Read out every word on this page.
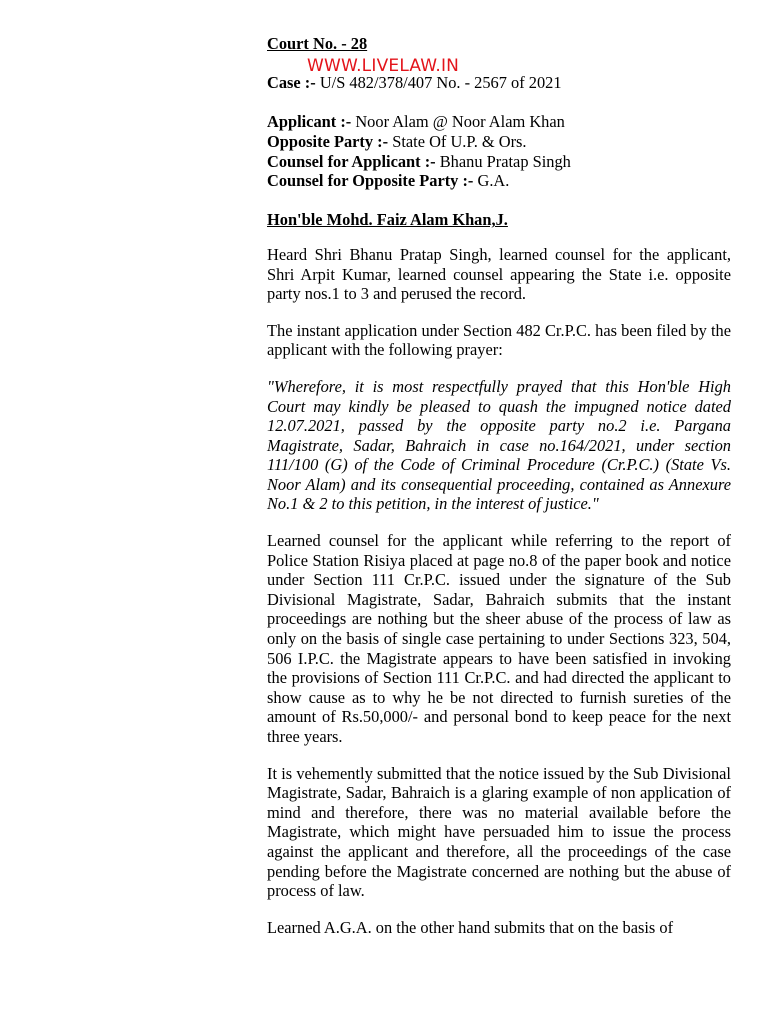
WWW.LIVELAW.IN

Court No. - 28

Case :- U/S 482/378/407 No. - 2567 of 2021

Applicant :- Noor Alam @ Noor Alam Khan

Opposite Party :- State Of U.P. & Ors.

Counsel for Applicant :- Bhanu Pratap Singh

Counsel for Opposite Party :- G.A.

Hon'ble Mohd. Faiz Alam Khan,J.

Heard Shri Bhanu Pratap Singh, learned counsel for the applicant, Shri Arpit Kumar, learned counsel appearing the State i.e. opposite party nos.1 to 3 and perused the record.

The instant application under Section 482 Cr.P.C. has been filed by the applicant with the following prayer:

"Wherefore, it is most respectfully prayed that this Hon'ble High Court may kindly be pleased to quash the impugned notice dated 12.07.2021, passed by the opposite party no.2 i.e. Pargana Magistrate, Sadar, Bahraich in case no.164/2021, under section 111/100 (G) of the Code of Criminal Procedure (Cr.P.C.) (State Vs. Noor Alam) and its consequential proceeding, contained as Annexure No.1 & 2 to this petition, in the interest of justice."

Learned counsel for the applicant while referring to the report of Police Station Risiya placed at page no.8 of the paper book and notice under Section 111 Cr.P.C. issued under the signature of the Sub Divisional Magistrate, Sadar, Bahraich submits that the instant proceedings are nothing but the sheer abuse of the process of law as only on the basis of single case pertaining to under Sections 323, 504, 506 I.P.C. the Magistrate appears to have been satisfied in invoking the provisions of Section 111 Cr.P.C. and had directed the applicant to show cause as to why he be not directed to furnish sureties of the amount of Rs.50,000/- and personal bond to keep peace for the next three years.

It is vehemently submitted that the notice issued by the Sub Divisional Magistrate, Sadar, Bahraich is a glaring example of non application of mind and therefore, there was no material available before the Magistrate, which might have persuaded him to issue the process against the applicant and therefore, all the proceedings of the case pending before the Magistrate concerned are nothing but the abuse of process of law.

Learned A.G.A. on the other hand submits that on the basis of
